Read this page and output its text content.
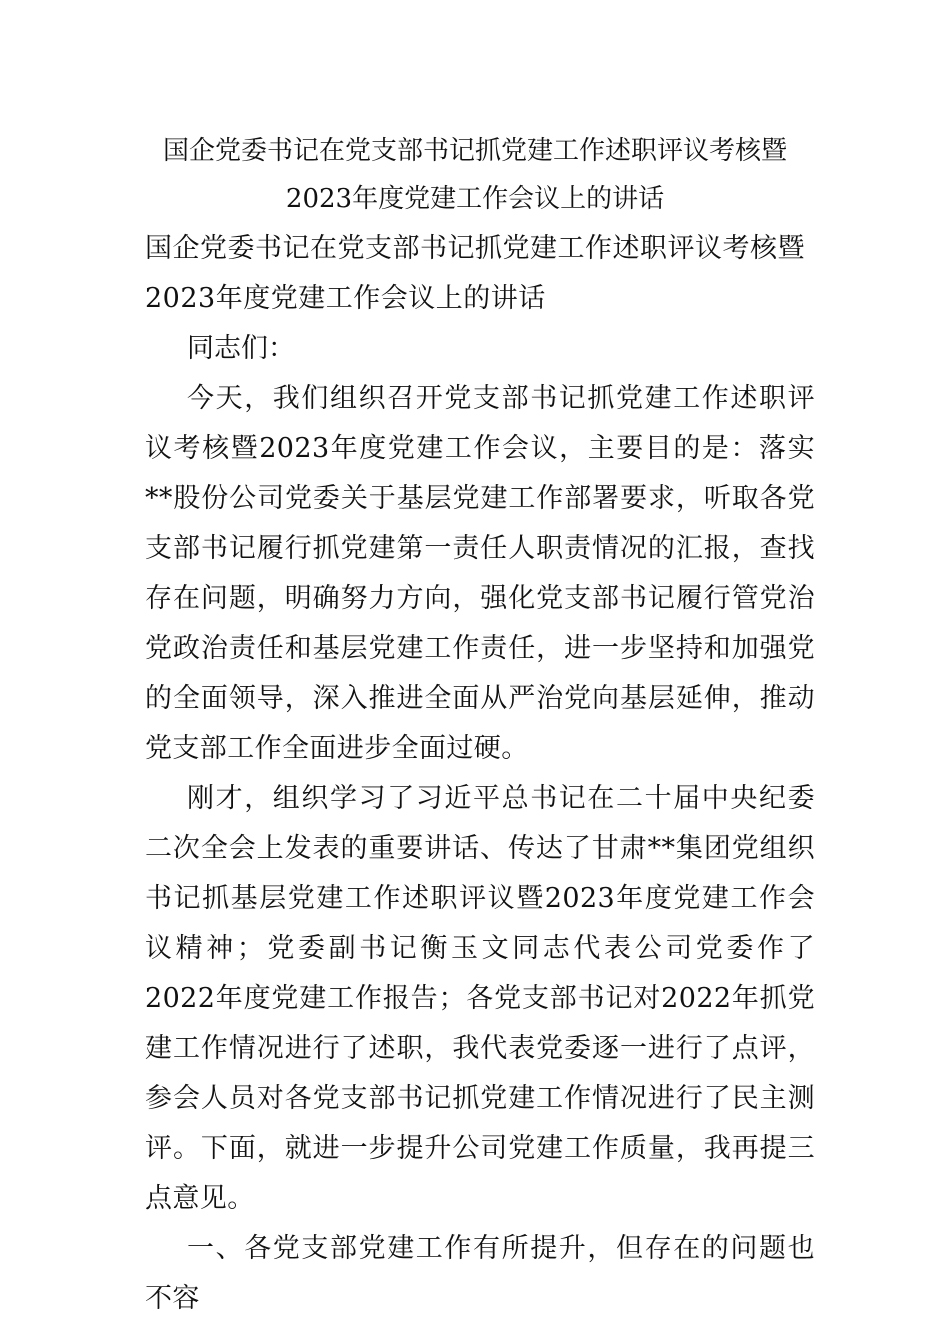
国企党委书记在党支部书记抓党建工作述职评议考核暨
2023年度党建工作会议上的讲话

国企党委书记在党支部书记抓党建工作述职评议考核暨2023年度党建工作会议上的讲话

同志们：

今天，我们组织召开党支部书记抓党建工作述职评议考核暨2023年度党建工作会议，主要目的是：落实**股份公司党委关于基层党建工作部署要求，听取各党支部书记履行抓党建第一责任人职责情况的汇报，查找存在问题，明确努力方向，强化党支部书记履行管党治党政治责任和基层党建工作责任，进一步坚持和加强党的全面领导，深入推进全面从严治党向基层延伸，推动党支部工作全面进步全面过硬。

刚才，组织学习了习近平总书记在二十届中央纪委二次全会上发表的重要讲话、传达了甘肃**集团党组织书记抓基层党建工作述职评议暨2023年度党建工作会议精神；党委副书记衡玉文同志代表公司党委作了2022年度党建工作报告；各党支部书记对2022年抓党建工作情况进行了述职，我代表党委逐一进行了点评，参会人员对各党支部书记抓党建工作情况进行了民主测评。下面，就进一步提升公司党建工作质量，我再提三点意见。

一、各党支部党建工作有所提升，但存在的问题也不容
